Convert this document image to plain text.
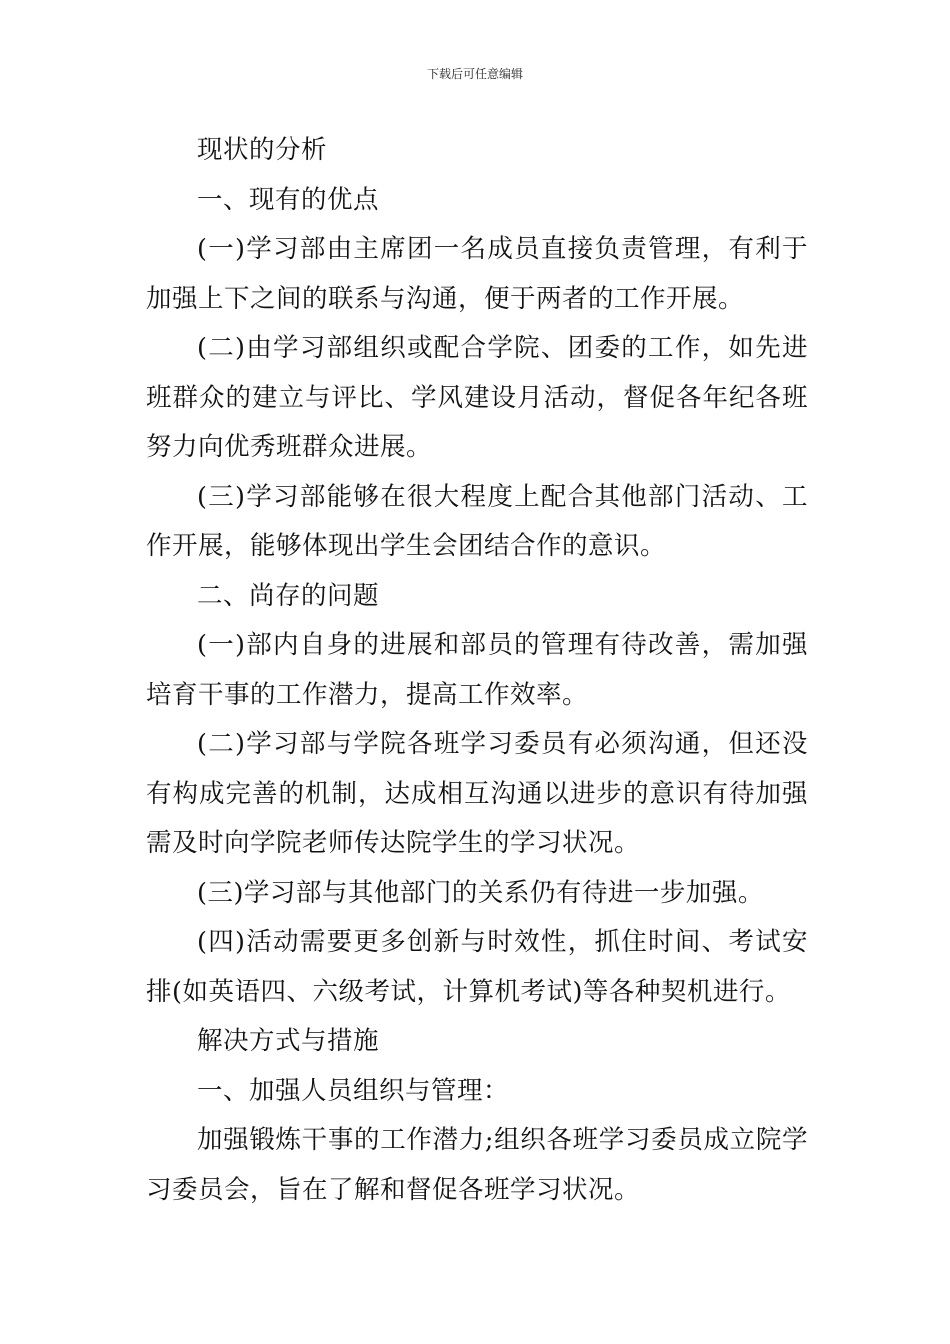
下载后可任意编辑

现状的分析

一、现有的优点

(一)学习部由主席团一名成员直接负责管理，有利于加强上下之间的联系与沟通，便于两者的工作开展。

(二)由学习部组织或配合学院、团委的工作，如先进班群众的建立与评比、学风建设月活动，督促各年纪各班努力向优秀班群众进展。

(三)学习部能够在很大程度上配合其他部门活动、工作开展，能够体现出学生会团结合作的意识。

二、尚存的问题

(一)部内自身的进展和部员的管理有待改善，需加强培育干事的工作潜力，提高工作效率。

(二)学习部与学院各班学习委员有必须沟通，但还没有构成完善的机制，达成相互沟通以进步的意识有待加强需及时向学院老师传达院学生的学习状况。

(三)学习部与其他部门的关系仍有待进一步加强。

(四)活动需要更多创新与时效性，抓住时间、考试安排(如英语四、六级考试，计算机考试)等各种契机进行。

解决方式与措施

一、加强人员组织与管理：

加强锻炼干事的工作潜力;组织各班学习委员成立院学习委员会，旨在了解和督促各班学习状况。
